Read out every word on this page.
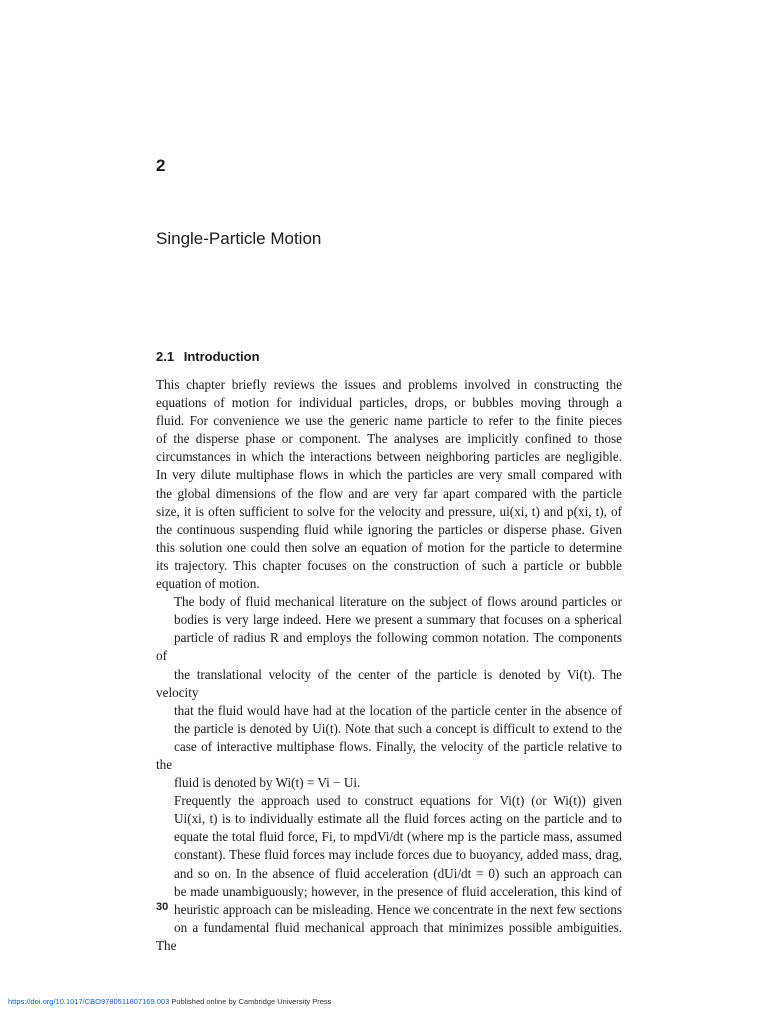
2
Single-Particle Motion
2.1 Introduction

This chapter briefly reviews the issues and problems involved in constructing the
equations of motion for individual particles, drops, or bubbles moving through a
fluid. For convenience we use the generic name particle to refer to the finite pieces
of the disperse phase or component. The analyses are implicitly confined to those
circumstances in which the interactions between neighboring particles are negligible.
In very dilute multiphase flows in which the particles are very small compared with
the global dimensions of the flow and are very far apart compared with the particle
size, it is often sufficient to solve for the velocity and pressure, ui(xi, t) and p(xi, t), of
the continuous suspending fluid while ignoring the particles or disperse phase. Given
this solution one could then solve an equation of motion for the particle to determine
its trajectory. This chapter focuses on the construction of such a particle or bubble
equation of motion.

The body of fluid mechanical literature on the subject of flows around particles or
bodies is very large indeed. Here we present a summary that focuses on a spherical
particle of radius R and employs the following common notation. The components of
the translational velocity of the center of the particle is denoted by Vi(t). The velocity
that the fluid would have had at the location of the particle center in the absence of
the particle is denoted by Ui(t). Note that such a concept is difficult to extend to the
case of interactive multiphase flows. Finally, the velocity of the particle relative to the
fluid is denoted by Wi(t) = Vi − Ui.

Frequently the approach used to construct equations for Vi(t) (or Wi(t)) given
Ui(xi, t) is to individually estimate all the fluid forces acting on the particle and to
equate the total fluid force, Fi, to mpdVi/dt (where mp is the particle mass, assumed
constant). These fluid forces may include forces due to buoyancy, added mass, drag,
and so on. In the absence of fluid acceleration (dUi/dt = 0) such an approach can
be made unambiguously; however, in the presence of fluid acceleration, this kind of
heuristic approach can be misleading. Hence we concentrate in the next few sections
on a fundamental fluid mechanical approach that minimizes possible ambiguities. The

30
https://doi.org/10.1017/CBO9780511807169.003 Published online by Cambridge University Press
